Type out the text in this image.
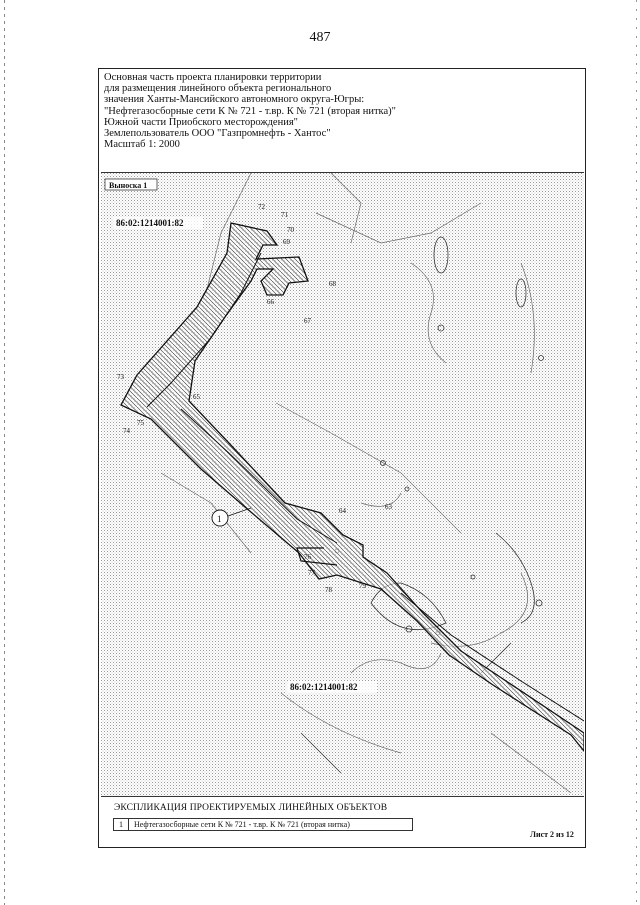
487
Основная часть проекта планировки территории
для размещения линейного объекта регионального
значения Ханты-Мансийского автономного округа-Югры:
"Нефтегазосборные сети К № 721 - т.вр. К № 721 (вторая нитка)"
Южной части Приобского месторождения"
Землепользователь ООО "Газпромнефть - Хантос"
Масштаб 1: 2000
Выноска 1
86:02:1214001:82
86:02:1214001:82
1
72
71
70
69
68
66
67
73
74
75
65
64	63
76
77
78	79
ЭКСПЛИКАЦИЯ ПРОЕКТИРУЕМЫХ ЛИНЕЙНЫХ ОБЪЕКТОВ
1	Нефтегазосборные сети К № 721 - т.вр. К № 721 (вторая нитка)
Лист 2 из 12
